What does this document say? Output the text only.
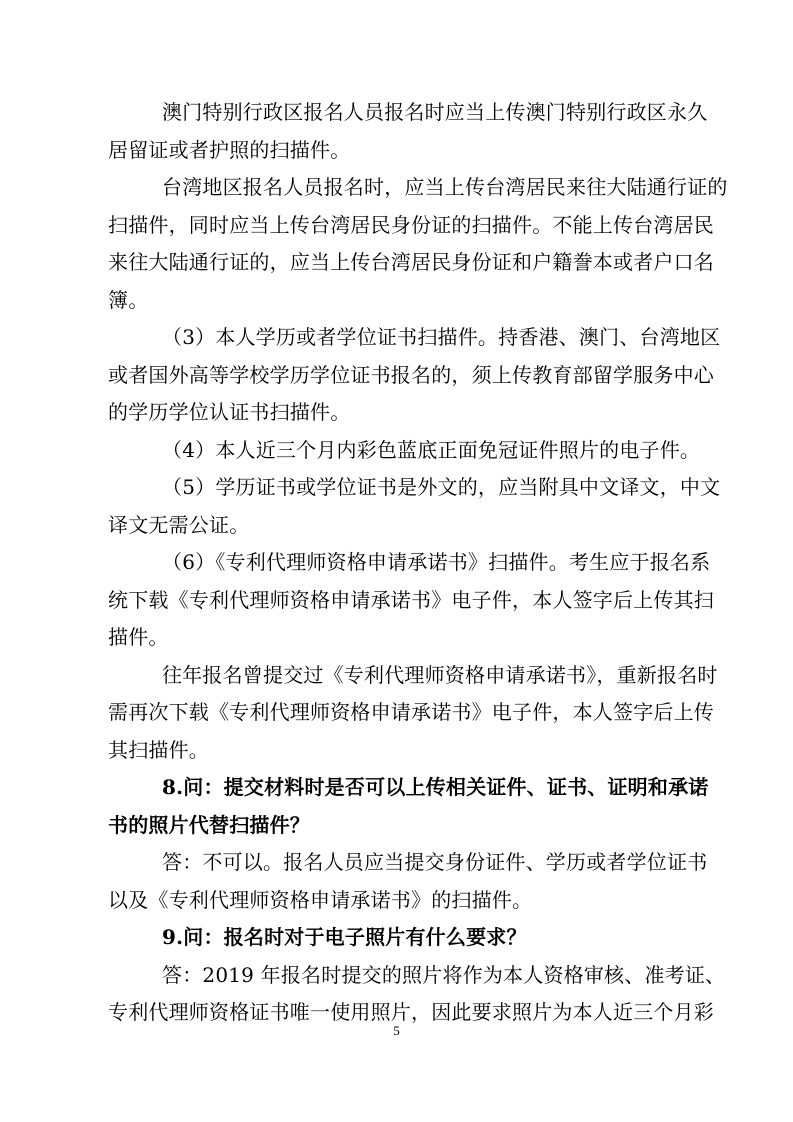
澳门特别行政区报名人员报名时应当上传澳门特别行政区永久
居留证或者护照的扫描件。
台湾地区报名人员报名时，应当上传台湾居民来往大陆通行证的
扫描件，同时应当上传台湾居民身份证的扫描件。不能上传台湾居民
来往大陆通行证的，应当上传台湾居民身份证和户籍誊本或者户口名
簿。
（3）本人学历或者学位证书扫描件。持香港、澳门、台湾地区
或者国外高等学校学历学位证书报名的，须上传教育部留学服务中心
的学历学位认证书扫描件。
（4）本人近三个月内彩色蓝底正面免冠证件照片的电子件。
（5）学历证书或学位证书是外文的，应当附具中文译文，中文
译文无需公证。
（6）《专利代理师资格申请承诺书》扫描件。考生应于报名系
统下载《专利代理师资格申请承诺书》电子件，本人签字后上传其扫
描件。
往年报名曾提交过《专利代理师资格申请承诺书》，重新报名时
需再次下载《专利代理师资格申请承诺书》电子件，本人签字后上传
其扫描件。
8.问：提交材料时是否可以上传相关证件、证书、证明和承诺
书的照片代替扫描件？
答：不可以。报名人员应当提交身份证件、学历或者学位证书
以及《专利代理师资格申请承诺书》的扫描件。
9.问：报名时对于电子照片有什么要求？
答：2019 年报名时提交的照片将作为本人资格审核、准考证、
专利代理师资格证书唯一使用照片，因此要求照片为本人近三个月彩
5
